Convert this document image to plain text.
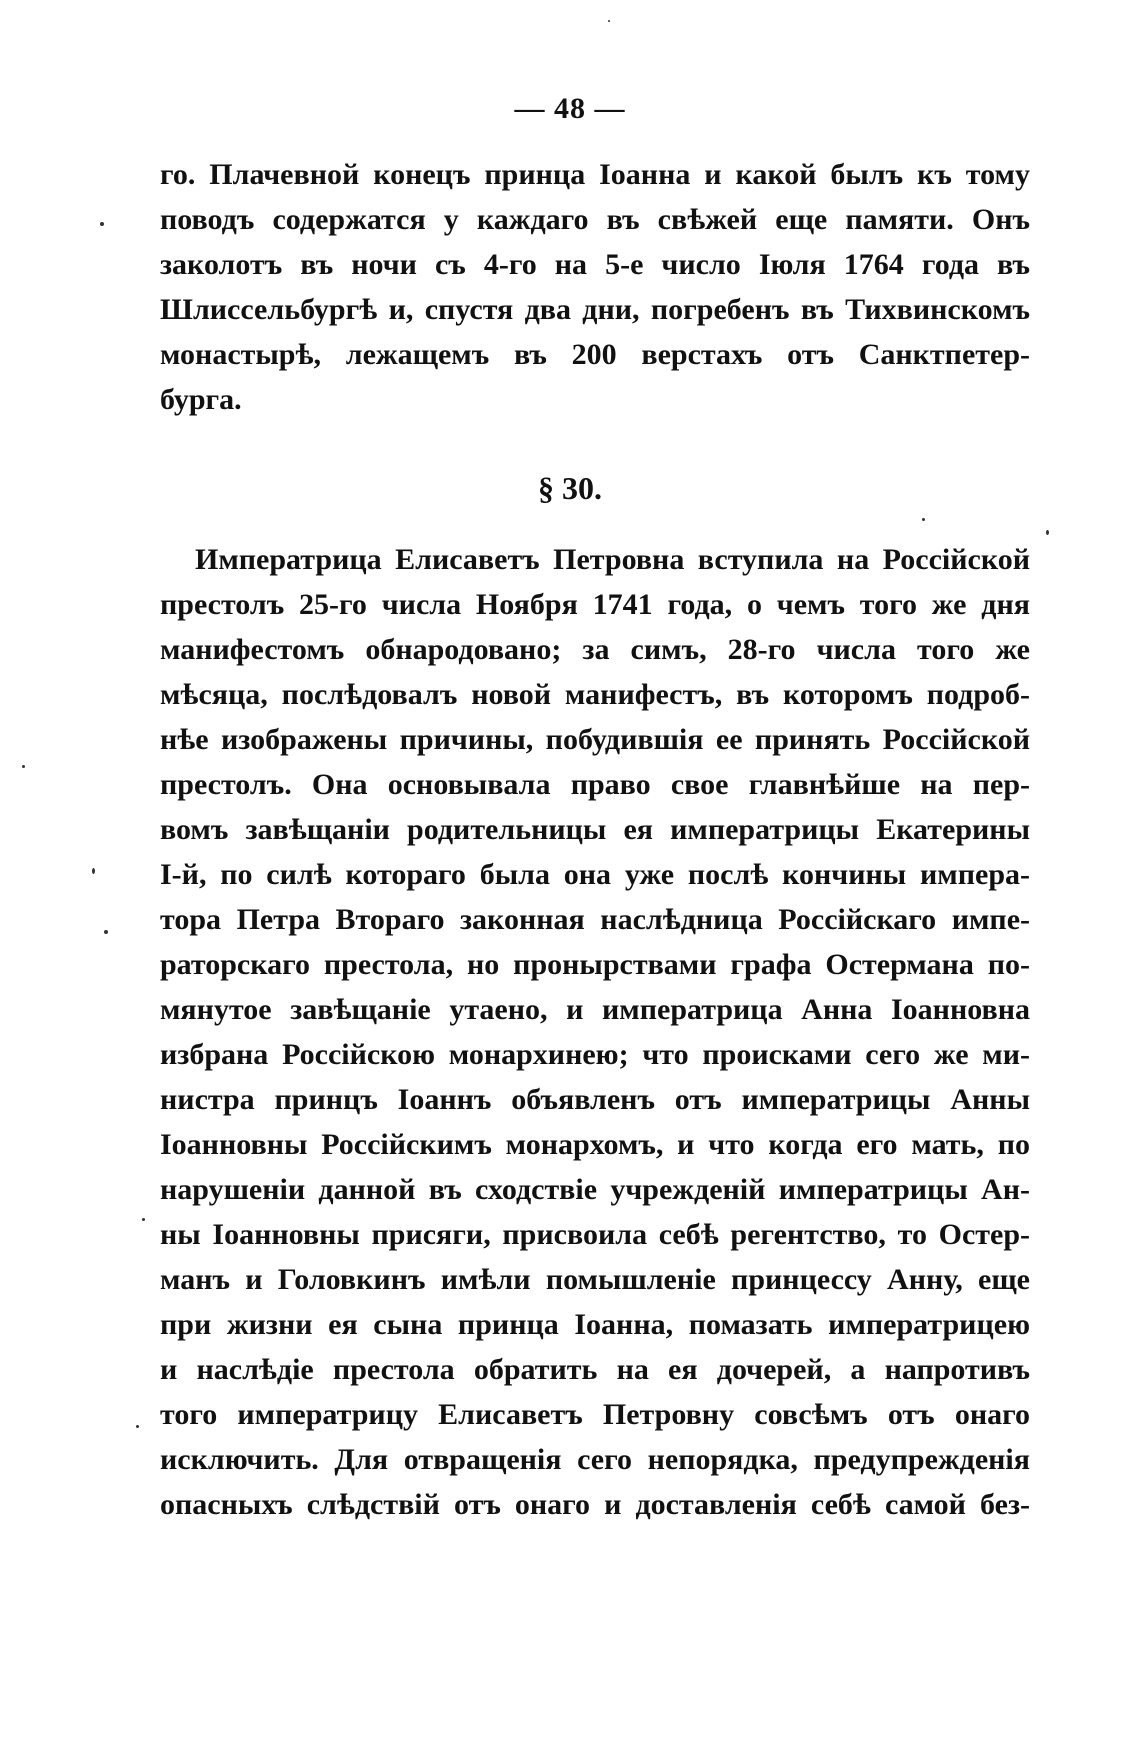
— 48 —
го. Плачевной конецъ принца Іоанна и какой былъ къ тому
поводъ содержатся у каждаго въ свѣжей еще памяти. Онъ
заколотъ въ ночи съ 4-го на 5-е число Іюля 1764 года въ
Шлиссельбургѣ и, спустя два дни, погребенъ въ Тихвинскомъ
монастырѣ, лежащемъ въ 200 верстахъ отъ Санктпетер-
бурга.
§ 30.
Императрица Елисаветъ Петровна вступила на Россійской
престолъ 25-го числа Ноября 1741 года, о чемъ того же дня
манифестомъ обнародовано; за симъ, 28-го числа того же
мѣсяца, послѣдовалъ новой манифестъ, въ которомъ подроб-
нѣе изображены причины, побудившія ее принять Россійской
престолъ. Она основывала право свое главнѣйше на пер-
вомъ завѣщаніи родительницы ея императрицы Екатерины
І-й, по силѣ котораго была она уже послѣ кончины импера-
тора Петра Втораго законная наслѣдница Россійскаго импе-
раторскаго престола, но пронырствами графа Остермана по-
мянутое завѣщаніе утаено, и императрица Анна Іоанновна
избрана Россійскою монархинею; что происками сего же ми-
нистра принцъ Іоаннъ объявленъ отъ императрицы Анны
Іоанновны Россійскимъ монархомъ, и что когда его мать, по
нарушеніи данной въ сходствіе учрежденій императрицы Ан-
ны Іоанновны присяги, присвоила себѣ регентство, то Остер-
манъ и Головкинъ имѣли помышленіе принцессу Анну, еще
при жизни ея сына принца Іоанна, помазать императрицею
и наслѣдіе престола обратить на ея дочерей, а напротивъ
того императрицу Елисаветъ Петровну совсѣмъ отъ онаго
исключить. Для отвращенія сего непорядка, предупрежденія
опасныхъ слѣдствій отъ онаго и доставленія себѣ самой без-
